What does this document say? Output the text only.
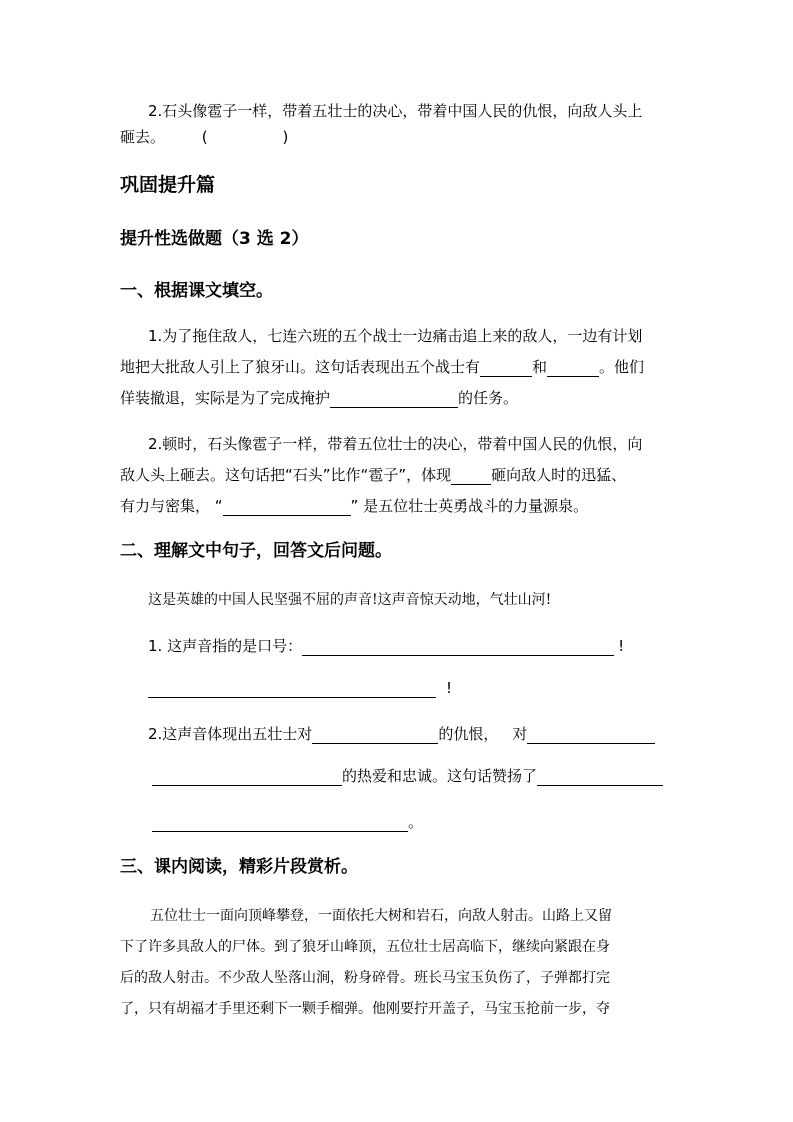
2.石头像雹子一样，带着五壮士的决心，带着中国人民的仇恨，向敌人头上
砸去。 (	)
巩固提升篇
提升性选做题（3 选 2）
一、根据课文填空。
1.为了拖住敌人，七连六班的五个战士一边痛击追上来的敌人，一边有计划
地把大批敌人引上了狼牙山。这句话表现出五个战士有	和	。他们
佯装撤退，实际是为了完成掩护	的任务。
2.顿时，石头像雹子一样，带着五位壮士的决心，带着中国人民的仇恨，向
敌人头上砸去。这句话把“石头”比作“雹子”，体现	砸向敌人时的迅猛、
有力与密集， “	” 是五位壮士英勇战斗的力量源泉。
二、理解文中句子，回答文后问题。
这是英雄的中国人民坚强不屈的声音!这声音惊天动地，气壮山河!
1. 这声音指的是口号：	!
!
2.这声音体现出五壮士对	的仇恨， 对
的热爱和忠诚。这句话赞扬了
。
三、课内阅读，精彩片段赏析。
五位壮士一面向顶峰攀登，一面依托大树和岩石，向敌人射击。山路上又留
下了许多具敌人的尸体。到了狼牙山峰顶，五位壮士居高临下，继续向紧跟在身
后的敌人射击。不少敌人坠落山涧，粉身碎骨。班长马宝玉负伤了，子弹都打完
了，只有胡福才手里还剩下一颗手榴弹。他刚要拧开盖子，马宝玉抢前一步，夺
